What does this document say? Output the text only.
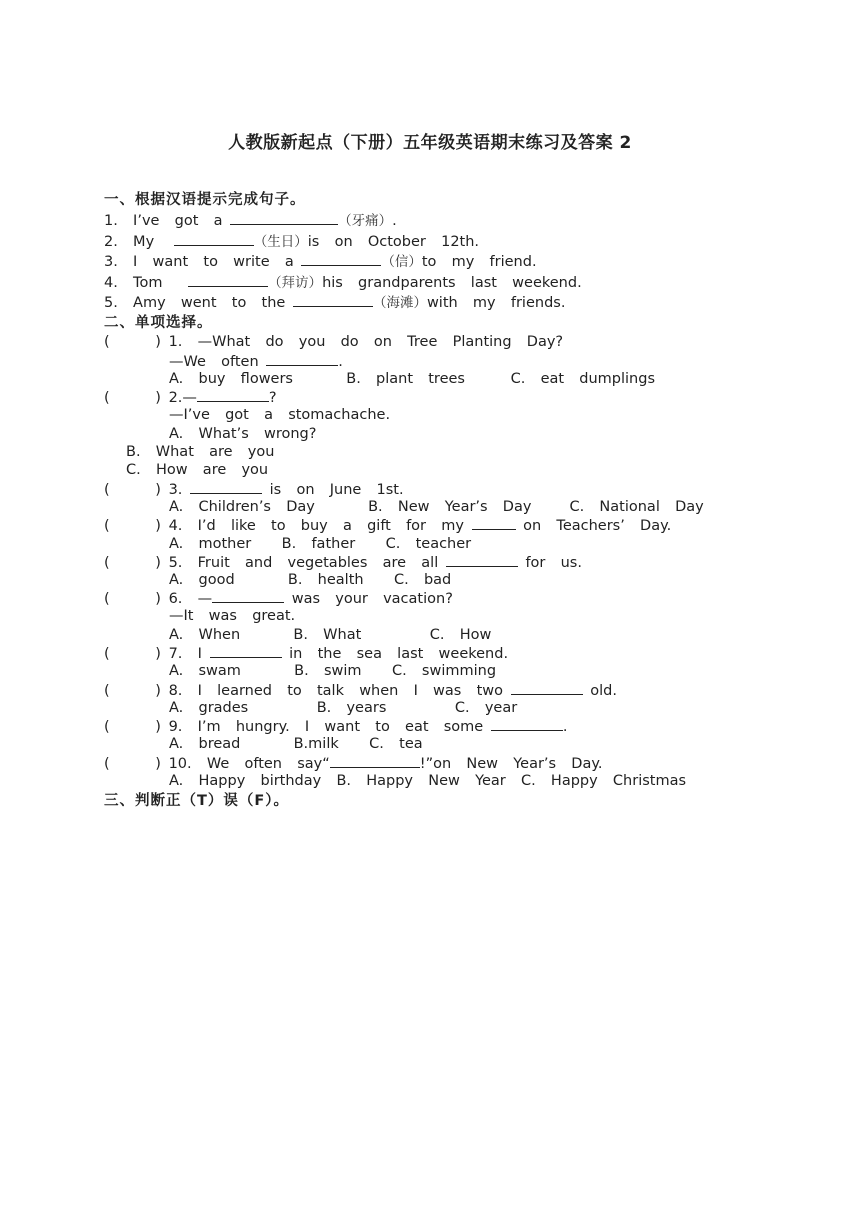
人教版新起点（下册）五年级英语期末练习及答案 2
一、根据汉语提示完成句子。
1.  I’ve  got  a	（牙痛）.
2.  My	（生日）is  on  October  12th.
3.  I  want  to  write  a	（信）to  my  friend.
4.  Tom	（拜访）his  grandparents  last  weekend.
5.  Amy  went  to  the	（海滩）with  my  friends.
二、单项选择。
(      ) 1.  —What  do  you  do  on  Tree  Planting  Day?
—We  often	.
A.  buy  flowers       B.  plant  trees      C.  eat  dumplings
(      ) 2.—	?
—I’ve  got  a  stomachache.
A.  What’s  wrong?
B.  What  are  you
C.  How  are  you
(      ) 3.	is  on  June  1st.
A.  Children’s  Day       B.  New  Year’s  Day     C.  National  Day
(      ) 4.  I’d  like  to  buy  a  gift  for  my	on  Teachers’  Day.
A.  mother    B.  father    C.  teacher
(      ) 5.  Fruit  and  vegetables  are  all	for  us.
A.  good       B.  health    C.  bad
(      ) 6.  —	was  your  vacation?
—It  was  great.
A.  When       B.  What         C.  How
(      ) 7.  I	in  the  sea  last  weekend.
A.  swam       B.  swim    C.  swimming
(      ) 8.  I  learned  to  talk  when  I  was  two	old.
A.  grades         B.  years         C.  year
(      ) 9.  I’m  hungry.  I  want  to  eat  some	.
A.  bread       B.milk    C.  tea
(      ) 10.  We  often  say“	!”on  New  Year’s  Day.
A.  Happy  birthday  B.  Happy  New  Year  C.  Happy  Christmas
三、判断正（T）误（F）。
